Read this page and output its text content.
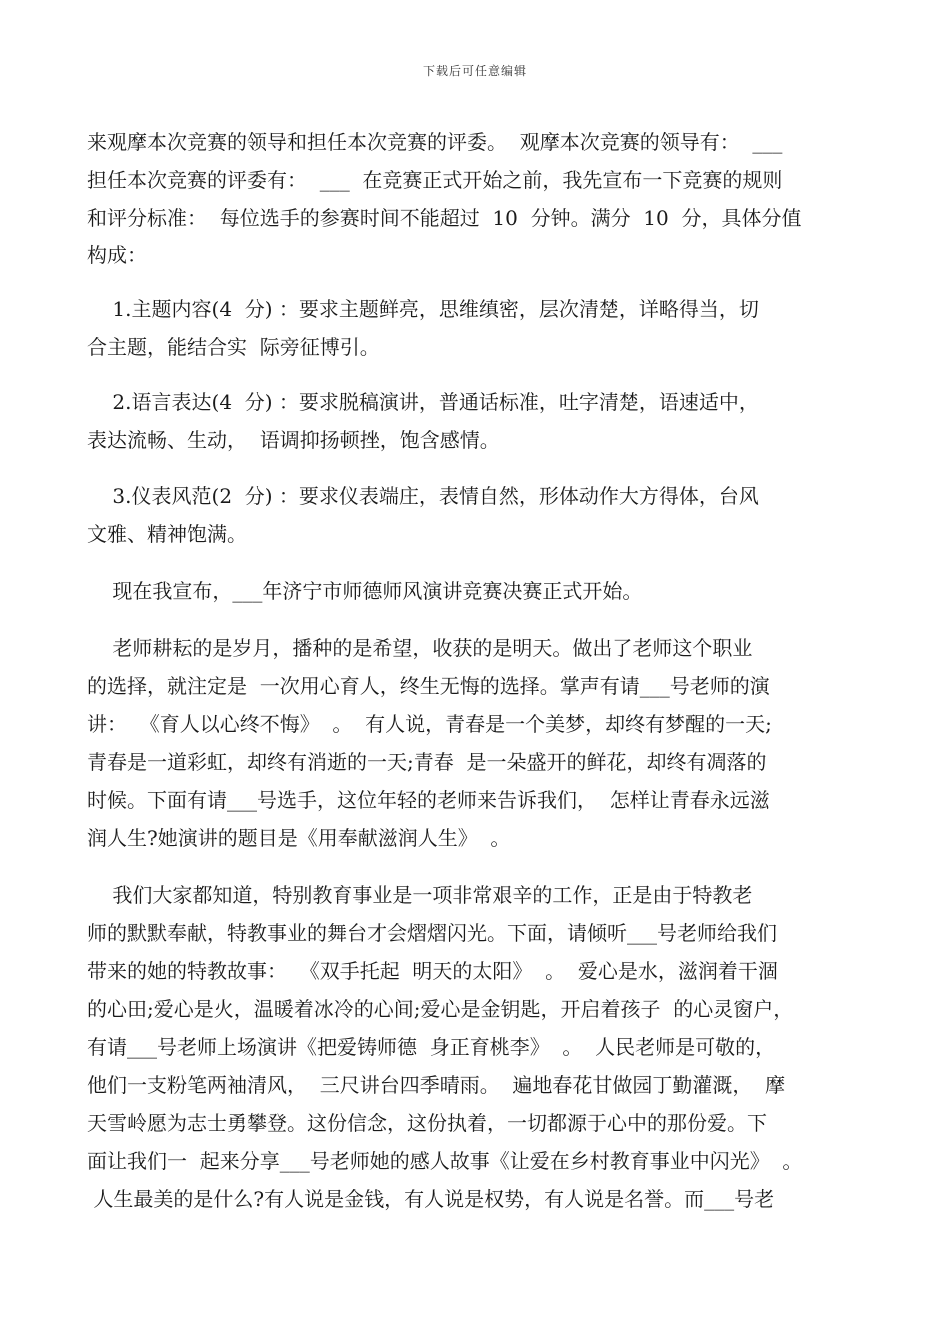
下载后可任意编辑
来观摩本次竞赛的领导和担任本次竞赛的评委。  观摩本次竞赛的领导有：  ___
担任本次竞赛的评委有：  ___  在竞赛正式开始之前，我先宣布一下竞赛的规则
和评分标准：  每位选手的参赛时间不能超过  10  分钟。满分  10  分，具体分值
构成：
1.主题内容(4  分) ：要求主题鲜亮，思维缜密，层次清楚，详略得当，切
合主题，能结合实  际旁征博引。
2.语言表达(4  分) ：要求脱稿演讲，普通话标准，吐字清楚，语速适中，
表达流畅、生动，  语调抑扬顿挫，饱含感情。
3.仪表风范(2  分) ：要求仪表端庄，表情自然，形体动作大方得体，台风
文雅、精神饱满。
现在我宣布，___年济宁市师德师风演讲竞赛决赛正式开始。
老师耕耘的是岁月，播种的是希望，收获的是明天。做出了老师这个职业
的选择，就注定是  一次用心育人，终生无悔的选择。掌声有请___号老师的演
讲：  《育人以心终不悔》  。  有人说，青春是一个美梦，却终有梦醒的一天;
青春是一道彩虹，却终有消逝的一天;青春  是一朵盛开的鲜花，却终有凋落的
时候。下面有请___号选手，这位年轻的老师来告诉我们，  怎样让青春永远滋
润人生?她演讲的题目是《用奉献滋润人生》  。
我们大家都知道，特别教育事业是一项非常艰辛的工作，正是由于特教老
师的默默奉献，特教事业的舞台才会熠熠闪光。下面，请倾听___号老师给我们
带来的她的特教故事：  《双手托起  明天的太阳》  。  爱心是水，滋润着干涸
的心田;爱心是火，温暖着冰冷的心间;爱心是金钥匙，开启着孩子  的心灵窗户，
有请___号老师上场演讲《把爱铸师德  身正育桃李》  。  人民老师是可敬的，
他们一支粉笔两袖清风，  三尺讲台四季晴雨。  遍地春花甘做园丁勤灌溉，  摩
天雪岭愿为志士勇攀登。这份信念，这份执着，一切都源于心中的那份爱。下
面让我们一  起来分享___号老师她的感人故事《让爱在乡村教育事业中闪光》  。
人生最美的是什么?有人说是金钱，有人说是权势，有人说是名誉。而___号老
